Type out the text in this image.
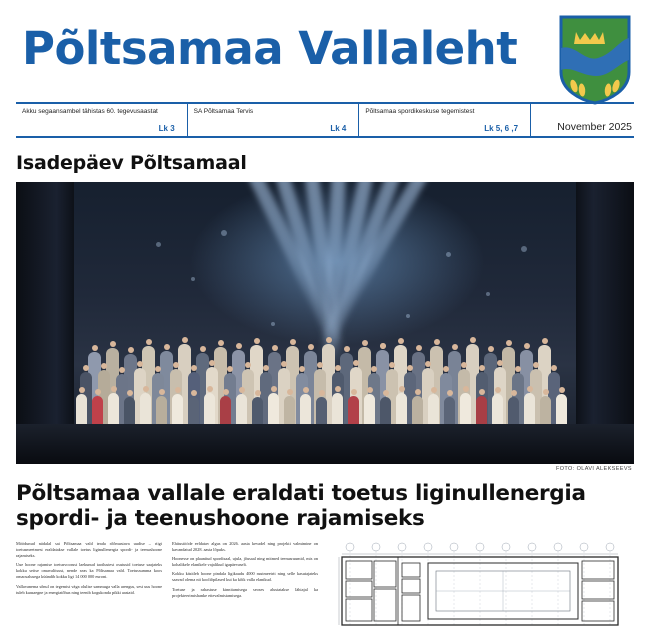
Põltsamaa Vallaleht
Akku segaansambel tähistas 60. tegevusaastat
Lk 3
SA Põltsamaa Tervis
Lk 4
Põltsamaa spordikeskuse tegemistest
Lk 5, 6 ,7	November 2025
Isadepäev Põltsamaal
FOTO: OLAVI ALEKSEEVS
Põltsamaa vallale eraldati toetus liginullenergia spordi- ja teenushoone rajamiseks

Möödunud nädalal sai Põltsamaa vald teada rõõmustava uudise – riigi toetusmeetmest eraldatakse vallale toetus liginullenergia spordi- ja teenushoone rajamiseks.

Uue hoone rajamise toetusvoorust laekunud taotlustest osutusid toetuse saajateks kokku seitse omavalitsust, nende seas ka Põltsamaa vald. Toetussumma koos omaosalusega küündib kokku ligi 14 000 000 euroni.

Vallavanema sõnul on tegemist väga olulise sammuga valla arengus, sest uus hoone tuleb kaasaegne ja energiatõhus ning teenib kogukonda pikki aastaid.

Ehitustööde eeldatav algus on 2026. aasta kevadel ning projekti valmimine on kavandatud 2028. aasta lõpuks.

Hoonesse on plaanitud spordisaal, ujula, jõusaal ning mitmed teenusruumid, mis on kohalikele elanikele vajalikud igapäevaselt.

Kokku käsitleb hoone pindala ligikaudu 4000 ruutmeetrit ning selle kasutajateks saavad olema nii kooliõpilased kui ka kõik valla elanikud.

Toetuse ja rahastuse kinnitamisega seoses alustatakse lähiajal ka projekteerimishanke ettevalmistamisega.
